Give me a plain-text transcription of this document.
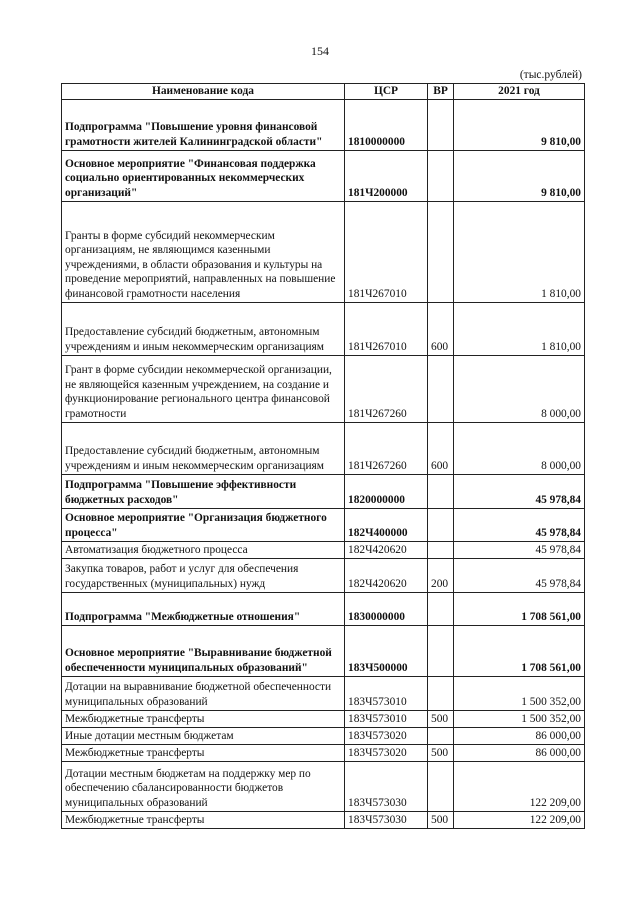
154
(тыс.рублей)
Наименование кода	ЦСР	ВР	2021 год
Подпрограмма "Повышение уровня финансовой грамотности жителей Калининградской области"	1810000000		9 810,00
Основное мероприятие "Финансовая поддержка социально ориентированных некоммерческих организаций"	181Ч200000		9 810,00
Гранты в форме субсидий некоммерческим организациям, не являющимся казенными учреждениями, в области образования и культуры на проведение мероприятий, направленных на повышение финансовой грамотности населения	181Ч267010		1 810,00
Предоставление субсидий бюджетным, автономным учреждениям и иным некоммерческим организациям	181Ч267010	600	1 810,00
Грант в форме субсидии некоммерческой организации, не являющейся казенным учреждением, на создание и функционирование регионального центра финансовой грамотности	181Ч267260		8 000,00
Предоставление субсидий бюджетным, автономным учреждениям и иным некоммерческим организациям	181Ч267260	600	8 000,00
Подпрограмма "Повышение эффективности бюджетных расходов"	1820000000		45 978,84
Основное мероприятие "Организация бюджетного процесса"	182Ч400000		45 978,84
Автоматизация бюджетного процесса	182Ч420620		45 978,84
Закупка товаров, работ и услуг для обеспечения государственных (муниципальных) нужд	182Ч420620	200	45 978,84
Подпрограмма "Межбюджетные отношения"	1830000000		1 708 561,00
Основное мероприятие "Выравнивание бюджетной обеспеченности муниципальных образований"	183Ч500000		1 708 561,00
Дотации на выравнивание бюджетной обеспеченности муниципальных образований	183Ч573010		1 500 352,00
Межбюджетные трансферты	183Ч573010	500	1 500 352,00
Иные дотации местным бюджетам	183Ч573020		86 000,00
Межбюджетные трансферты	183Ч573020	500	86 000,00
Дотации местным бюджетам на поддержку мер по обеспечению сбалансированности бюджетов муниципальных образований	183Ч573030		122 209,00
Межбюджетные трансферты	183Ч573030	500	122 209,00
